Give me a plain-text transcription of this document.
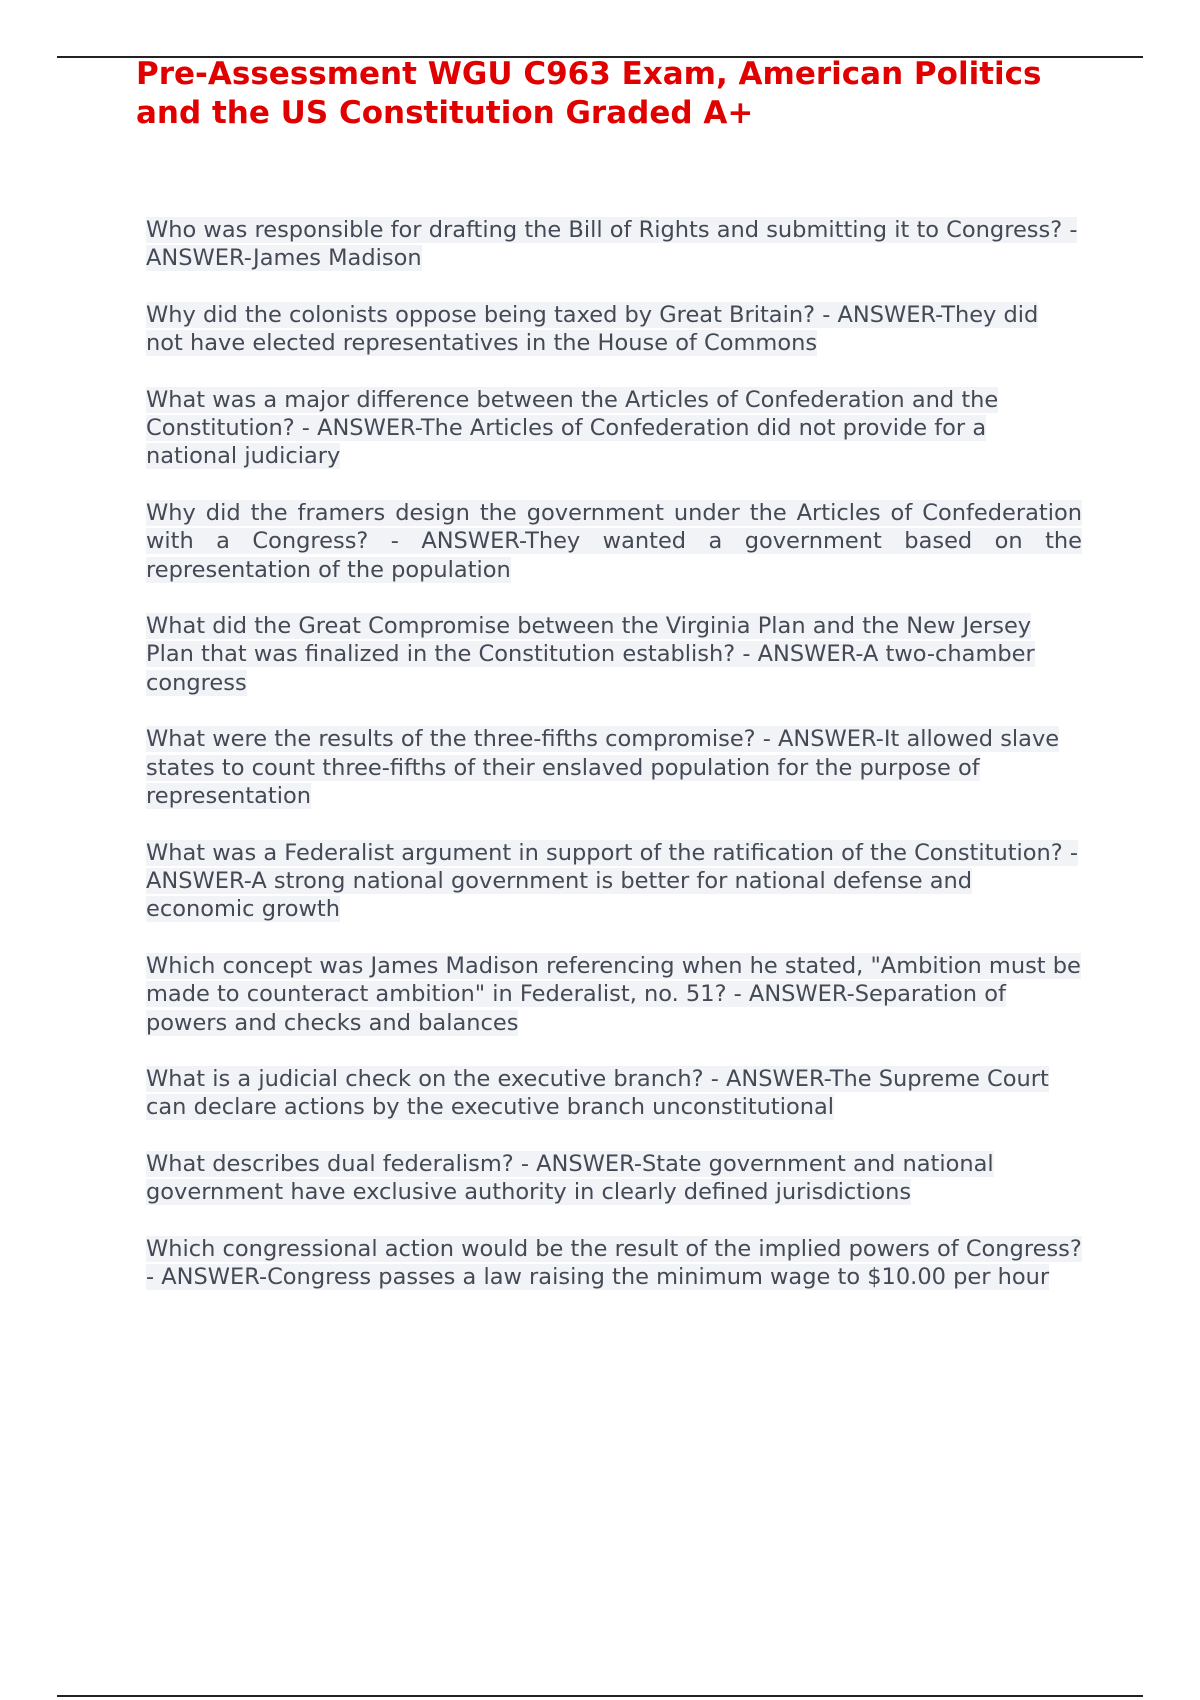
Pre-Assessment WGU C963 Exam, American Politics and the US Constitution Graded A+
Who was responsible for drafting the Bill of Rights and submitting it to Congress? - ANSWER-James Madison
Why did the colonists oppose being taxed by Great Britain? - ANSWER-They did not have elected representatives in the House of Commons
What was a major difference between the Articles of Confederation and the Constitution? - ANSWER-The Articles of Confederation did not provide for a national judiciary
Why did the framers design the government under the Articles of Confederation with a Congress? - ANSWER-They wanted a government based on the representation of the population
What did the Great Compromise between the Virginia Plan and the New Jersey Plan that was finalized in the Constitution establish? - ANSWER-A two-chamber congress
What were the results of the three-fifths compromise? - ANSWER-It allowed slave states to count three-fifths of their enslaved population for the purpose of representation
What was a Federalist argument in support of the ratification of the Constitution? - ANSWER-A strong national government is better for national defense and economic growth
Which concept was James Madison referencing when he stated, "Ambition must be made to counteract ambition" in Federalist, no. 51? - ANSWER-Separation of powers and checks and balances
What is a judicial check on the executive branch? - ANSWER-The Supreme Court can declare actions by the executive branch unconstitutional
What describes dual federalism? - ANSWER-State government and national government have exclusive authority in clearly defined jurisdictions
Which congressional action would be the result of the implied powers of Congress? - ANSWER-Congress passes a law raising the minimum wage to $10.00 per hour
